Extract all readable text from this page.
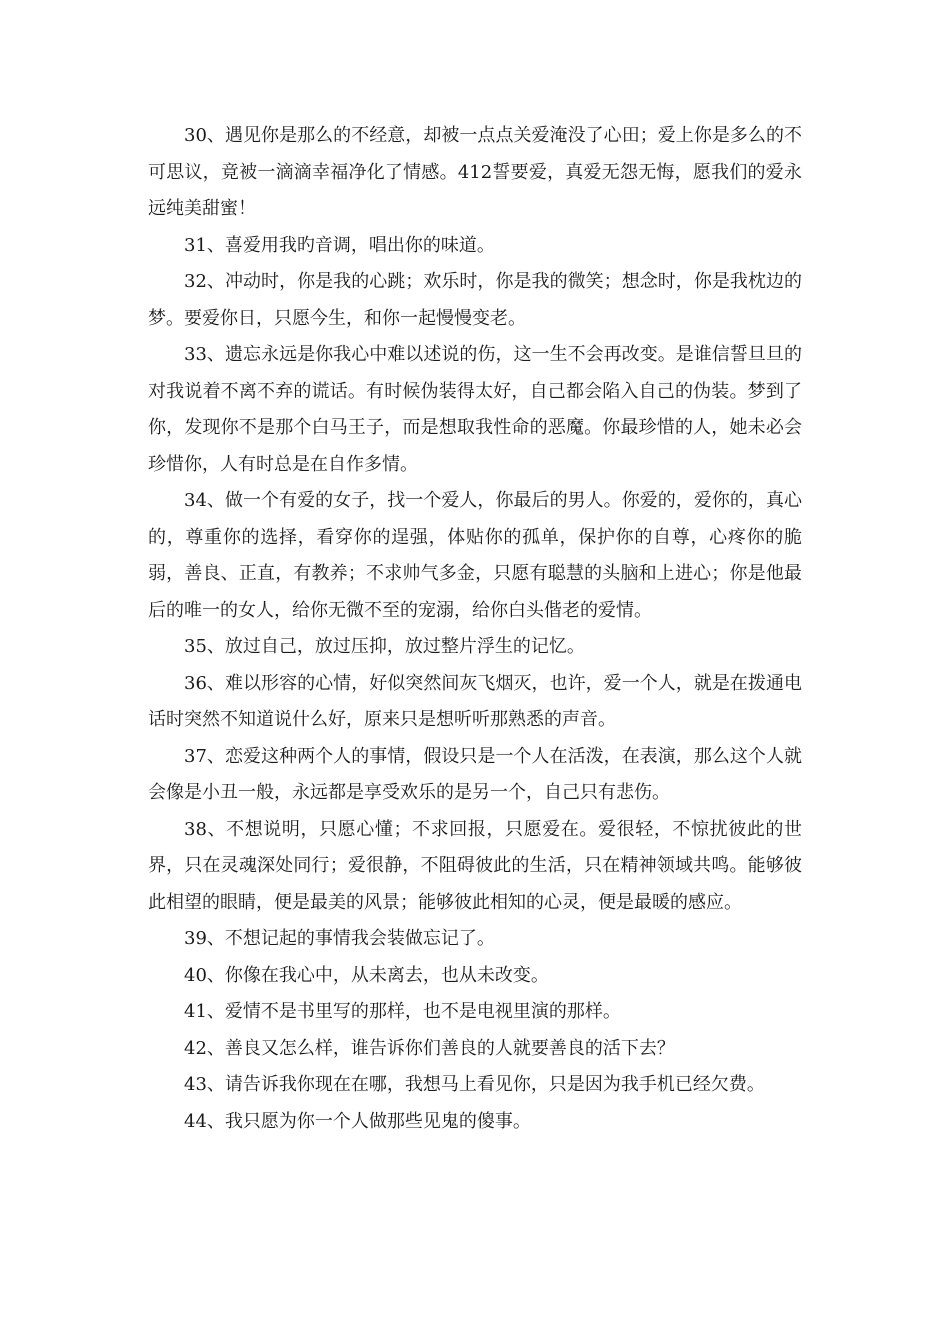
30、遇见你是那么的不经意，却被一点点关爱淹没了心田；爱上你是多么的不可思议，竟被一滴滴幸福净化了情感。412誓要爱，真爱无怨无悔，愿我们的爱永远纯美甜蜜！

31、喜爱用我旳音调，唱出你的味道。

32、冲动时，你是我的心跳；欢乐时，你是我的微笑；想念时，你是我枕边的梦。要爱你日，只愿今生，和你一起慢慢变老。

33、遗忘永远是你我心中难以述说的伤，这一生不会再改变。是谁信誓旦旦的对我说着不离不弃的谎话。有时候伪装得太好，自己都会陷入自己的伪装。梦到了你，发现你不是那个白马王子，而是想取我性命的恶魔。你最珍惜的人，她未必会珍惜你，人有时总是在自作多情。

34、做一个有爱的女子，找一个爱人，你最后的男人。你爱的，爱你的，真心的，尊重你的选择，看穿你的逞强，体贴你的孤单，保护你的自尊，心疼你的脆弱，善良、正直，有教养；不求帅气多金，只愿有聪慧的头脑和上进心；你是他最后的唯一的女人，给你无微不至的宠溺，给你白头偕老的爱情。

35、放过自己，放过压抑，放过整片浮生的记忆。

36、难以形容的心情，好似突然间灰飞烟灭，也许，爱一个人，就是在拨通电话时突然不知道说什么好，原来只是想听听那熟悉的声音。

37、恋爱这种两个人的事情，假设只是一个人在活泼，在表演，那么这个人就会像是小丑一般，永远都是享受欢乐的是另一个，自己只有悲伤。

38、不想说明，只愿心懂；不求回报，只愿爱在。爱很轻，不惊扰彼此的世界，只在灵魂深处同行；爱很静，不阻碍彼此的生活，只在精神领域共鸣。能够彼此相望的眼睛，便是最美的风景；能够彼此相知的心灵，便是最暖的感应。

39、不想记起的事情我会装做忘记了。

40、你像在我心中，从未离去，也从未改变。

41、爱情不是书里写的那样，也不是电视里演的那样。

42、善良又怎么样，谁告诉你们善良的人就要善良的活下去？

43、请告诉我你现在在哪，我想马上看见你，只是因为我手机已经欠费。

44、我只愿为你一个人做那些见鬼的傻事。
